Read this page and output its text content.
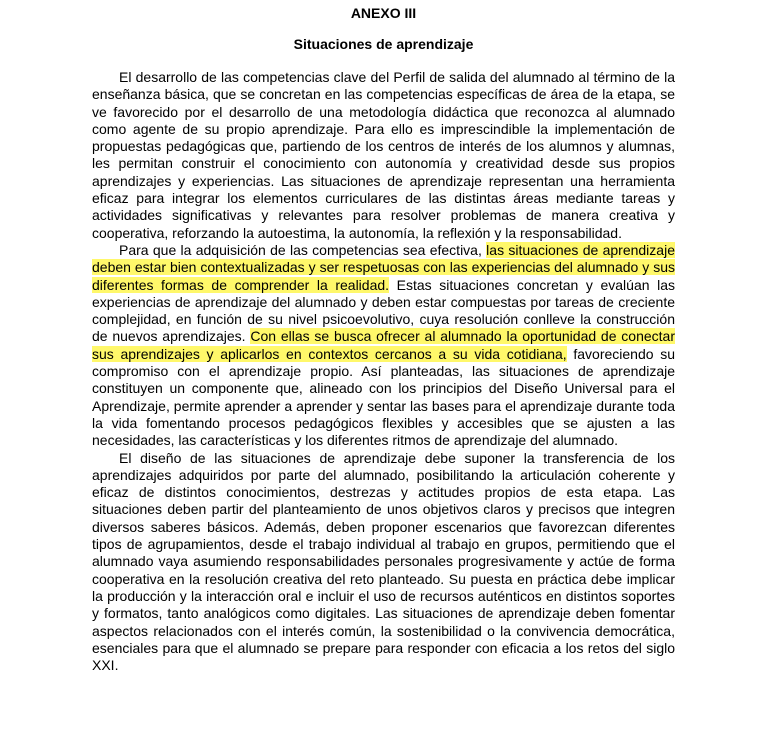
ANEXO III
Situaciones de aprendizaje

El desarrollo de las competencias clave del Perfil de salida del alumnado al término de la enseñanza básica, que se concretan en las competencias específicas de área de la etapa, se ve favorecido por el desarrollo de una metodología didáctica que reconozca al alumnado como agente de su propio aprendizaje. Para ello es imprescindible la implementación de propuestas pedagógicas que, partiendo de los centros de interés de los alumnos y alumnas, les permitan construir el conocimiento con autonomía y creatividad desde sus propios aprendizajes y experiencias. Las situaciones de aprendizaje representan una herramienta eficaz para integrar los elementos curriculares de las distintas áreas mediante tareas y actividades significativas y relevantes para resolver problemas de manera creativa y cooperativa, reforzando la autoestima, la autonomía, la reflexión y la responsabilidad.

Para que la adquisición de las competencias sea efectiva, las situaciones de aprendizaje deben estar bien contextualizadas y ser respetuosas con las experiencias del alumnado y sus diferentes formas de comprender la realidad. Estas situaciones concretan y evalúan las experiencias de aprendizaje del alumnado y deben estar compuestas por tareas de creciente complejidad, en función de su nivel psicoevolutivo, cuya resolución conlleve la construcción de nuevos aprendizajes. Con ellas se busca ofrecer al alumnado la oportunidad de conectar sus aprendizajes y aplicarlos en contextos cercanos a su vida cotidiana, favoreciendo su compromiso con el aprendizaje propio. Así planteadas, las situaciones de aprendizaje constituyen un componente que, alineado con los principios del Diseño Universal para el Aprendizaje, permite aprender a aprender y sentar las bases para el aprendizaje durante toda la vida fomentando procesos pedagógicos flexibles y accesibles que se ajusten a las necesidades, las características y los diferentes ritmos de aprendizaje del alumnado.

El diseño de las situaciones de aprendizaje debe suponer la transferencia de los aprendizajes adquiridos por parte del alumnado, posibilitando la articulación coherente y eficaz de distintos conocimientos, destrezas y actitudes propios de esta etapa. Las situaciones deben partir del planteamiento de unos objetivos claros y precisos que integren diversos saberes básicos. Además, deben proponer escenarios que favorezcan diferentes tipos de agrupamientos, desde el trabajo individual al trabajo en grupos, permitiendo que el alumnado vaya asumiendo responsabilidades personales progresivamente y actúe de forma cooperativa en la resolución creativa del reto planteado. Su puesta en práctica debe implicar la producción y la interacción oral e incluir el uso de recursos auténticos en distintos soportes y formatos, tanto analógicos como digitales. Las situaciones de aprendizaje deben fomentar aspectos relacionados con el interés común, la sostenibilidad o la convivencia democrática, esenciales para que el alumnado se prepare para responder con eficacia a los retos del siglo XXI.
